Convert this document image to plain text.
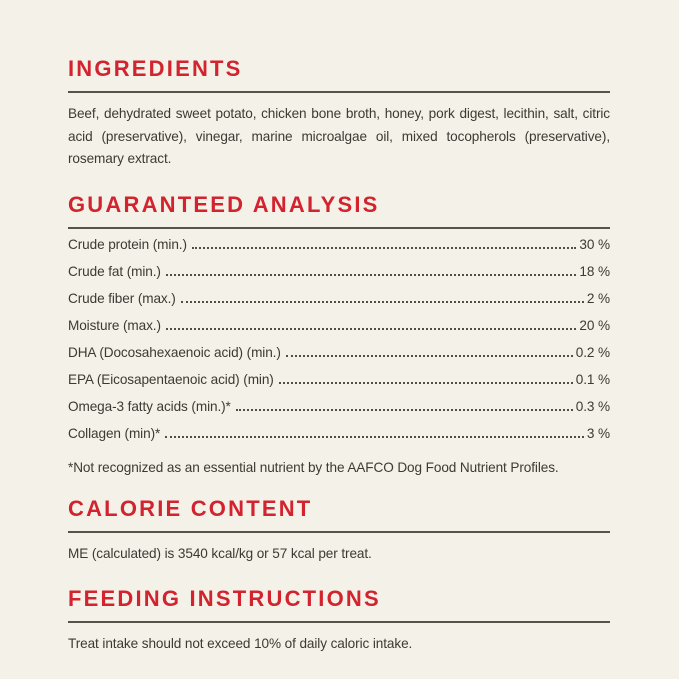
INGREDIENTS

Beef, dehydrated sweet potato, chicken bone broth, honey, pork digest, lecithin, salt, citric acid (preservative), vinegar, marine microalgae oil, mixed tocopherols (preservative), rosemary extract.

GUARANTEED ANALYSIS
Crude protein (min.)	30 %
Crude fat (min.)	18 %
Crude fiber (max.)	2 %
Moisture (max.)	20 %
DHA (Docosahexaenoic acid) (min.)	0.2 %
EPA (Eicosapentaenoic acid) (min)	0.1 %
Omega-3 fatty acids (min.)*	0.3 %
Collagen (min)*	3 %

*Not recognized as an essential nutrient by the AAFCO Dog Food Nutrient Profiles.

CALORIE CONTENT

ME (calculated) is 3540 kcal/kg or 57 kcal per treat.

FEEDING INSTRUCTIONS

Treat intake should not exceed 10% of daily caloric intake.
